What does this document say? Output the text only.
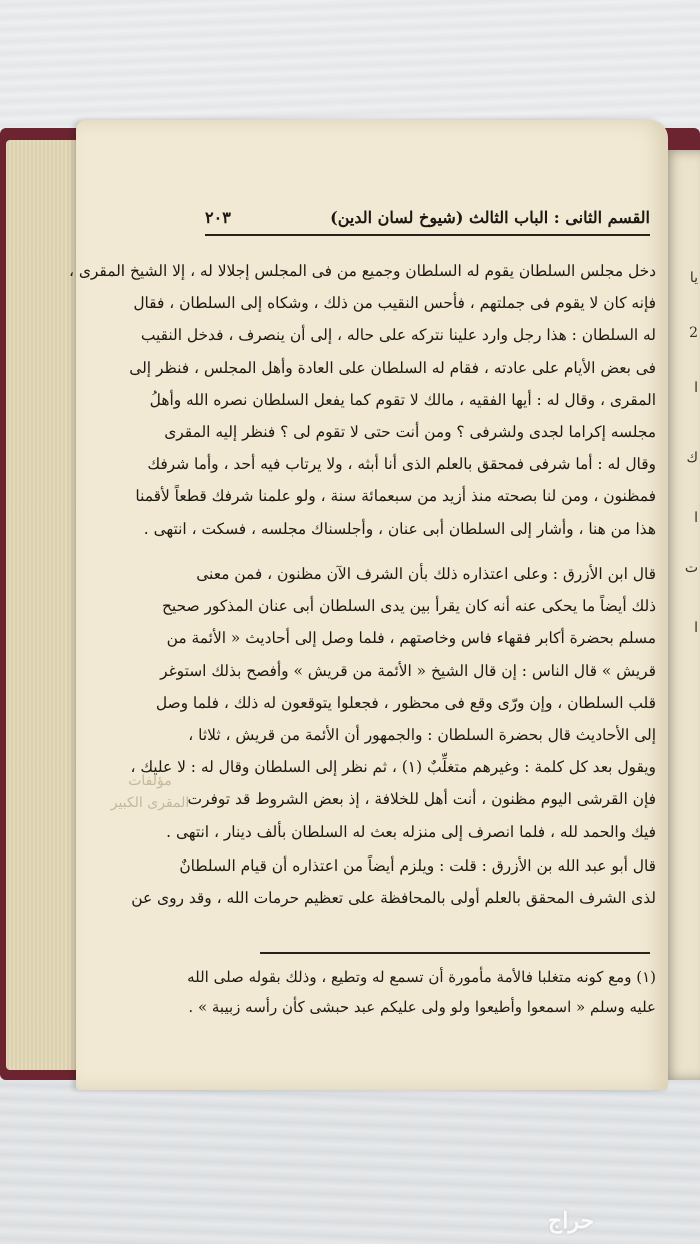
يا
2
ا
ك
ا
ت
ا
القسم الثانى : الباب الثالث (شيوخ لسان الدين)
٢٠٣
دخل مجلس السلطان يقوم له السلطان وجميع من فى المجلس إجلالا له ، إلا الشيخ المقرى ،
فإنه كان لا يقوم فى جملتهم ، فأحس النقيب من ذلك ، وشكاه إلى السلطان ، فقال
له السلطان : هذا رجل وارد علينا نتركه على حاله ، إلى أن ينصرف ، فدخل النقيب
فى بعض الأيام على عادته ، فقام له السلطان على العادة وأهل المجلس ، فنظر إلى
المقرى ، وقال له : أيها الفقيه ، مالك لا تقوم كما يفعل السلطان نصره الله وأهلُ
مجلسه إكراما لجدى ولشرفى ؟ ومن أنت حتى لا تقوم لى ؟ فنظر إليه المقرى
وقال له : أما شرفى فمحقق بالعلم الذى أنا أبثه ، ولا يرتاب فيه أحد ، وأما شرفك
فمظنون ، ومن لنا بصحته منذ أزيد من سبعمائة سنة ، ولو علمنا شرفك قطعاً لأقمنا
هذا من هنا ، وأشار إلى السلطان أبى عنان ، وأجلسناك مجلسه ، فسكت ، انتهى .
قال ابن الأزرق : وعلى اعتذاره ذلك بأن الشرف الآن مظنون ، فمن معنى
ذلك أيضاً ما يحكى عنه أنه كان يقرأ بين يدى السلطان أبى عنان المذكور صحيح
مسلم بحضرة أكابر فقهاء فاس وخاصتهم ، فلما وصل إلى أحاديث « الأئمة من
قريش » قال الناس : إن قال الشيخ « الأئمة من قريش » وأفصح بذلك استوغر
قلب السلطان ، وإن ورّى وقع فى محظور ، فجعلوا يتوقعون له ذلك ، فلما وصل
إلى الأحاديث قال بحضرة السلطان : والجمهور أن الأئمة من قريش ، ثلاثا ،
ويقول بعد كل كلمة : وغيرهم متغلِّبٌ (١) ، ثم نظر إلى السلطان وقال له : لا عليك ،
فإن القرشى اليوم مظنون ، أنت أهل للخلافة ، إذ بعض الشروط قد توفرت
فيك والحمد لله ، فلما انصرف إلى منزله بعث له السلطان بألف دينار ، انتهى .
قال أبو عبد الله بن الأزرق : قلت : ويلزم أيضاً من اعتذاره أن قيام السلطانٌ
لذى الشرف المحقق بالعلم أولى بالمحافظة على تعظيم حرمات الله ، وقد روى عن
مؤلفات
المقرى الكبير
(١) ومع كونه متغلبا فالأمة مأمورة أن تسمع له وتطيع ، وذلك بقوله صلى الله
عليه وسلم « اسمعوا وأطيعوا ولو ولى عليكم عبد حبشى كأن رأسه زبيبة » .
حراج
